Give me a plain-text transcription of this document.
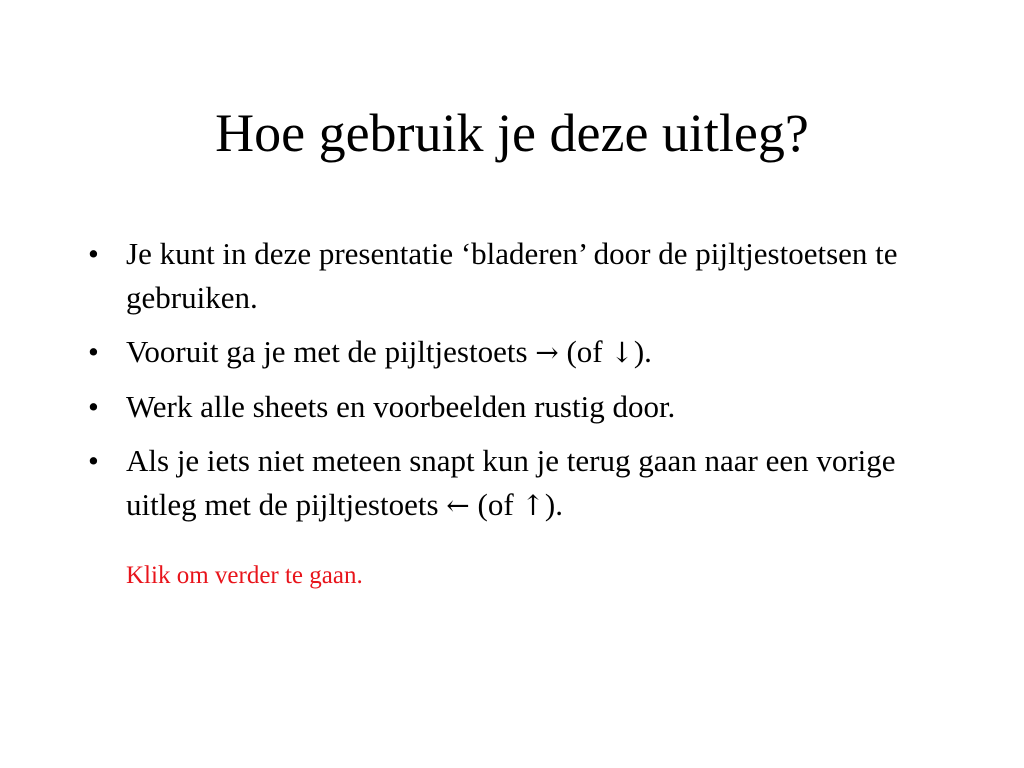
Hoe gebruik je deze uitleg?
• Je kunt in deze presentatie ‘bladeren’ door de pijltjestoetsen te gebruiken.
• Vooruit ga je met de pijltjestoets → (of ↓).
• Werk alle sheets en voorbeelden rustig door.
• Als je iets niet meteen snapt kun je terug gaan naar een vorige uitleg met de pijltjestoets ← (of ↑).
Klik om verder te gaan.
